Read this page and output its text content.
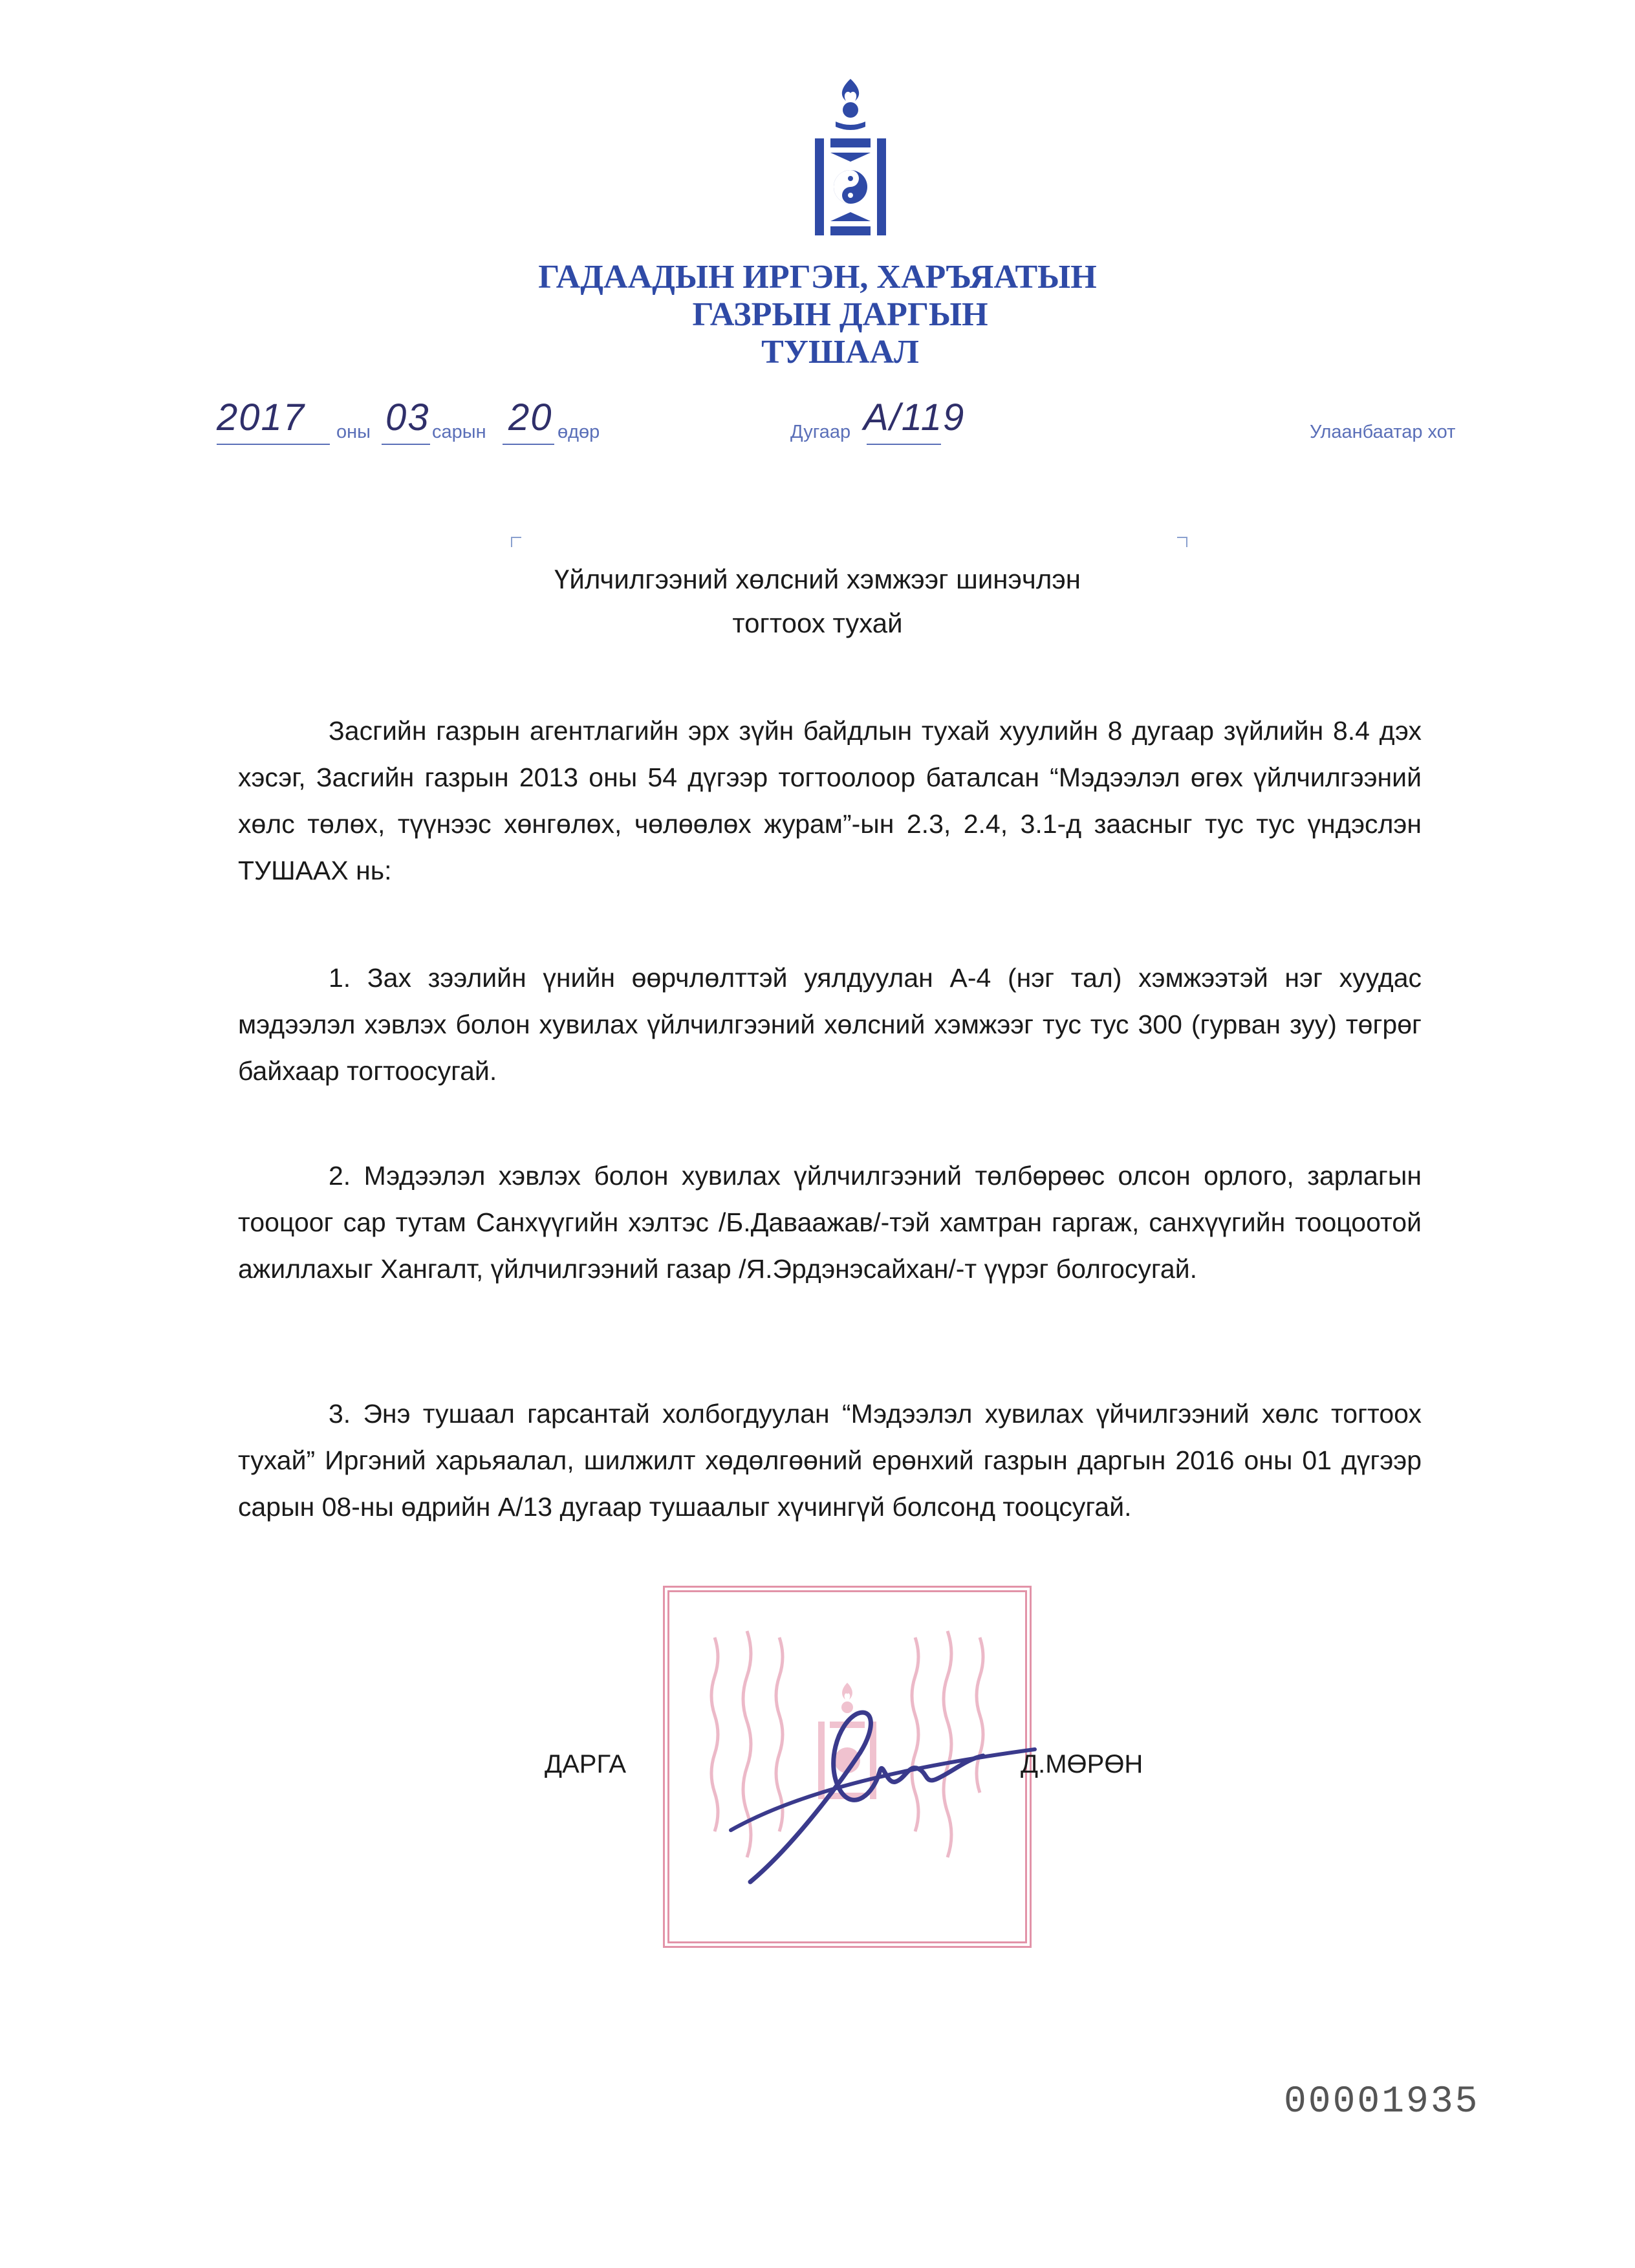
ГАДААДЫН ИРГЭН, ХАРЪЯАТЫН
ГАЗРЫН ДАРГЫН
ТУШААЛ
2017 оны 03 сарын 20 өдөр	Дугаар А/119	Улаанбаатар хот
Үйлчилгээний хөлсний хэмжээг шинэчлэн
тогтоох тухай

Засгийн газрын агентлагийн эрх зүйн байдлын тухай хуулийн 8 дугаар зүйлийн 8.4 дэх хэсэг, Засгийн газрын 2013 оны 54 дүгээр тогтоолоор баталсан “Мэдээлэл өгөх үйлчилгээний хөлс төлөх, түүнээс хөнгөлөх, чөлөөлөх журам”-ын 2.3, 2.4, 3.1-д заасныг тус тус үндэслэн ТУШААХ нь:

1. Зах зээлийн үнийн өөрчлөлттэй уялдуулан А-4 (нэг тал) хэмжээтэй нэг хуудас мэдээлэл хэвлэх болон хувилах үйлчилгээний хөлсний хэмжээг тус тус 300 (гурван зуу) төгрөг байхаар тогтоосугай.

2. Мэдээлэл хэвлэх болон хувилах үйлчилгээний төлбөрөөс олсон орлого, зарлагын тооцоог сар тутам Санхүүгийн хэлтэс /Б.Даваажав/-тэй хамтран гаргаж, санхүүгийн тооцоотой ажиллахыг Хангалт, үйлчилгээний газар /Я.Эрдэнэсайхан/-т үүрэг болгосугай.

3. Энэ тушаал гарсантай холбогдуулан “Мэдээлэл хувилах үйчилгээний хөлс тогтоох тухай” Иргэний харьяалал, шилжилт хөдөлгөөний ерөнхий газрын даргын 2016 оны 01 дүгээр сарын 08-ны өдрийн А/13 дугаар тушаалыг хүчингүй болсонд тооцсугай.

ДАРГА	Д.МӨРӨН
00001935
